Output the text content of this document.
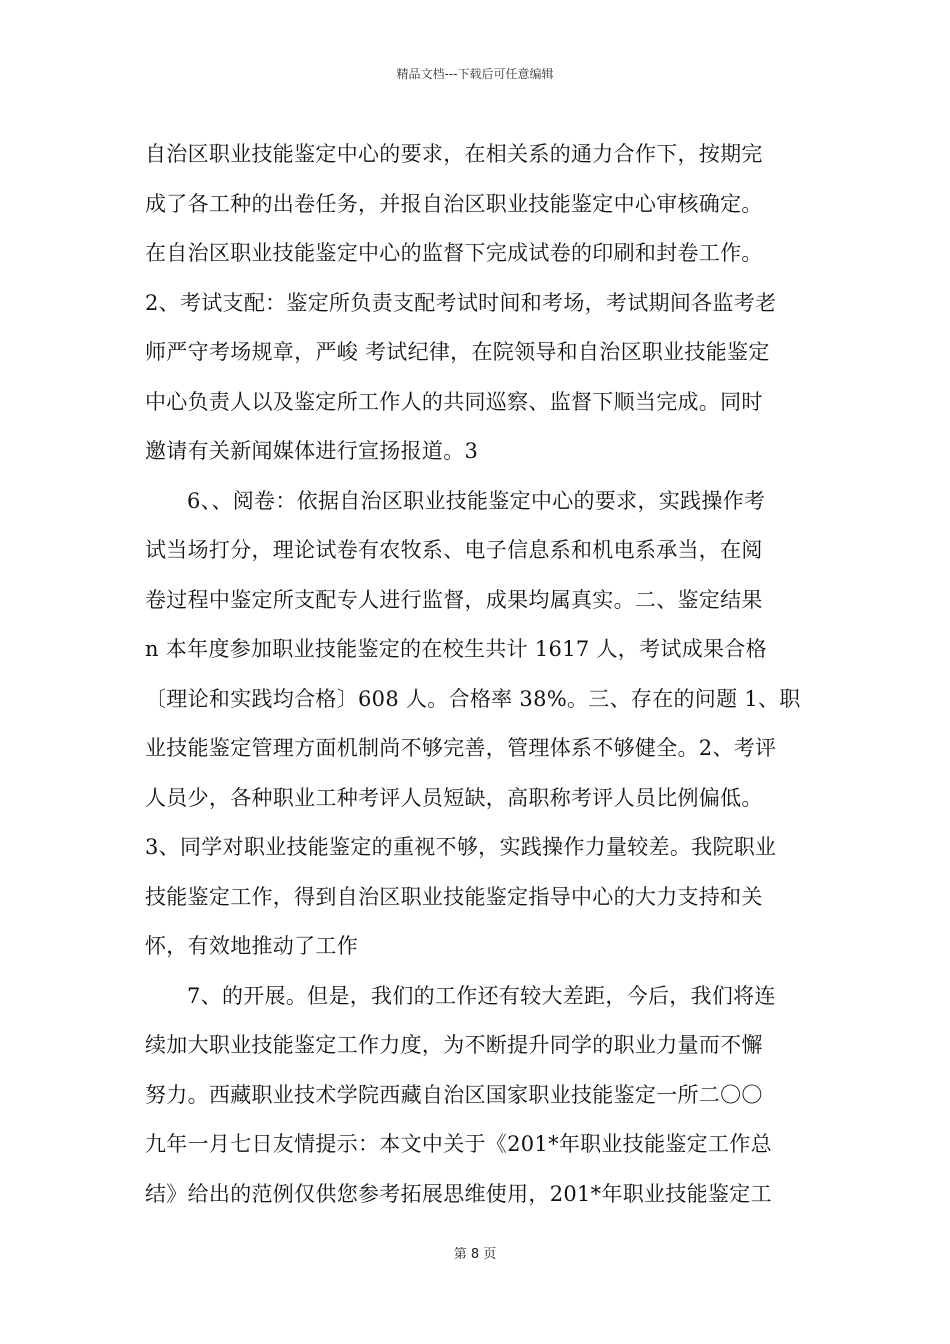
精品文档---下载后可任意编辑
自治区职业技能鉴定中心的要求，在相关系的通力合作下，按期完
成了各工种的出卷任务，并报自治区职业技能鉴定中心审核确定。
在自治区职业技能鉴定中心的监督下完成试卷的印刷和封卷工作。
2、考试支配：鉴定所负责支配考试时间和考场，考试期间各监考老
师严守考场规章，严峻 考试纪律，在院领导和自治区职业技能鉴定
中心负责人以及鉴定所工作人的共同巡察、监督下顺当完成。同时
邀请有关新闻媒体进行宣扬报道。3
6、、阅卷：依据自治区职业技能鉴定中心的要求，实践操作考
试当场打分，理论试卷有农牧系、电子信息系和机电系承当，在阅
卷过程中鉴定所支配专人进行监督，成果均属真实。二、鉴定结果
n 本年度参加职业技能鉴定的在校生共计 1617 人，考试成果合格
〔理论和实践均合格〕608 人。合格率 38%。三、存在的问题 1、职
业技能鉴定管理方面机制尚不够完善，管理体系不够健全。2、考评
人员少，各种职业工种考评人员短缺，高职称考评人员比例偏低。
3、同学对职业技能鉴定的重视不够，实践操作力量较差。我院职业
技能鉴定工作，得到自治区职业技能鉴定指导中心的大力支持和关
怀，有效地推动了工作
7、的开展。但是，我们的工作还有较大差距，今后，我们将连
续加大职业技能鉴定工作力度，为不断提升同学的职业力量而不懈
努力。西藏职业技术学院西藏自治区国家职业技能鉴定一所二〇〇
九年一月七日友情提示：本文中关于《201*年职业技能鉴定工作总
结》给出的范例仅供您参考拓展思维使用，201*年职业技能鉴定工
第 8 页
